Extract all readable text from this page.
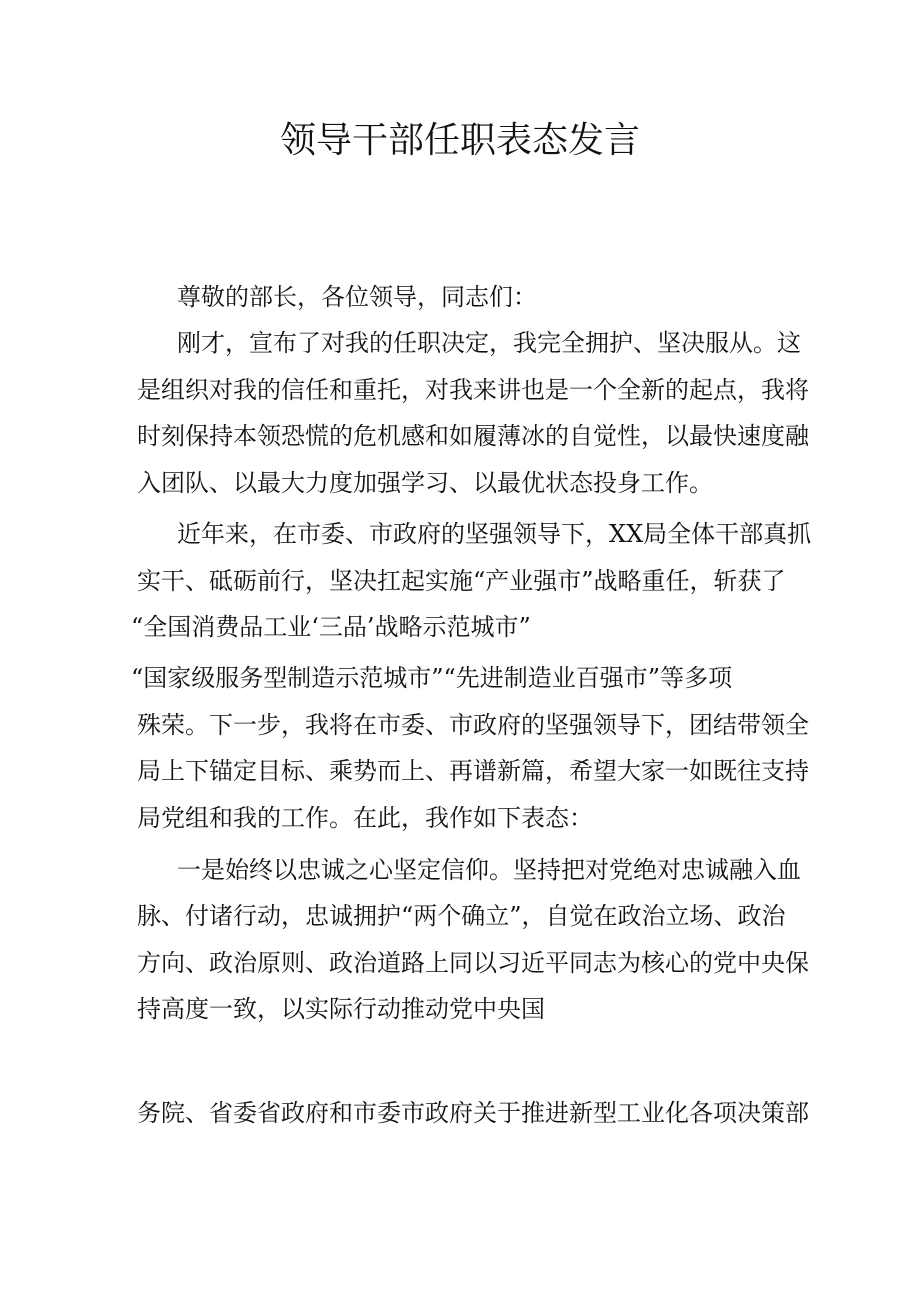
领导干部任职表态发言

尊敬的部长，各位领导，同志们：

刚才，宣布了对我的任职决定，我完全拥护、坚决服从。这

是组织对我的信任和重托，对我来讲也是一个全新的起点，我将

时刻保持本领恐慌的危机感和如履薄冰的自觉性，以最快速度融

入团队、以最大力度加强学习、以最优状态投身工作。

近年来，在市委、市政府的坚强领导下，XX局全体干部真抓

实干、砥砺前行，坚决扛起实施“产业强市”战略重任，斩获了

“全国消费品工业‘三品’战略示范城市”

“国家级服务型制造示范城市”“先进制造业百强市”等多项

殊荣。下一步，我将在市委、市政府的坚强领导下，团结带领全

局上下锚定目标、乘势而上、再谱新篇，希望大家一如既往支持

局党组和我的工作。在此，我作如下表态：

一是始终以忠诚之心坚定信仰。坚持把对党绝对忠诚融入血

脉、付诸行动，忠诚拥护“两个确立”，自觉在政治立场、政治

方向、政治原则、政治道路上同以习近平同志为核心的党中央保

持高度一致，以实际行动推动党中央国

务院、省委省政府和市委市政府关于推进新型工业化各项决策部
